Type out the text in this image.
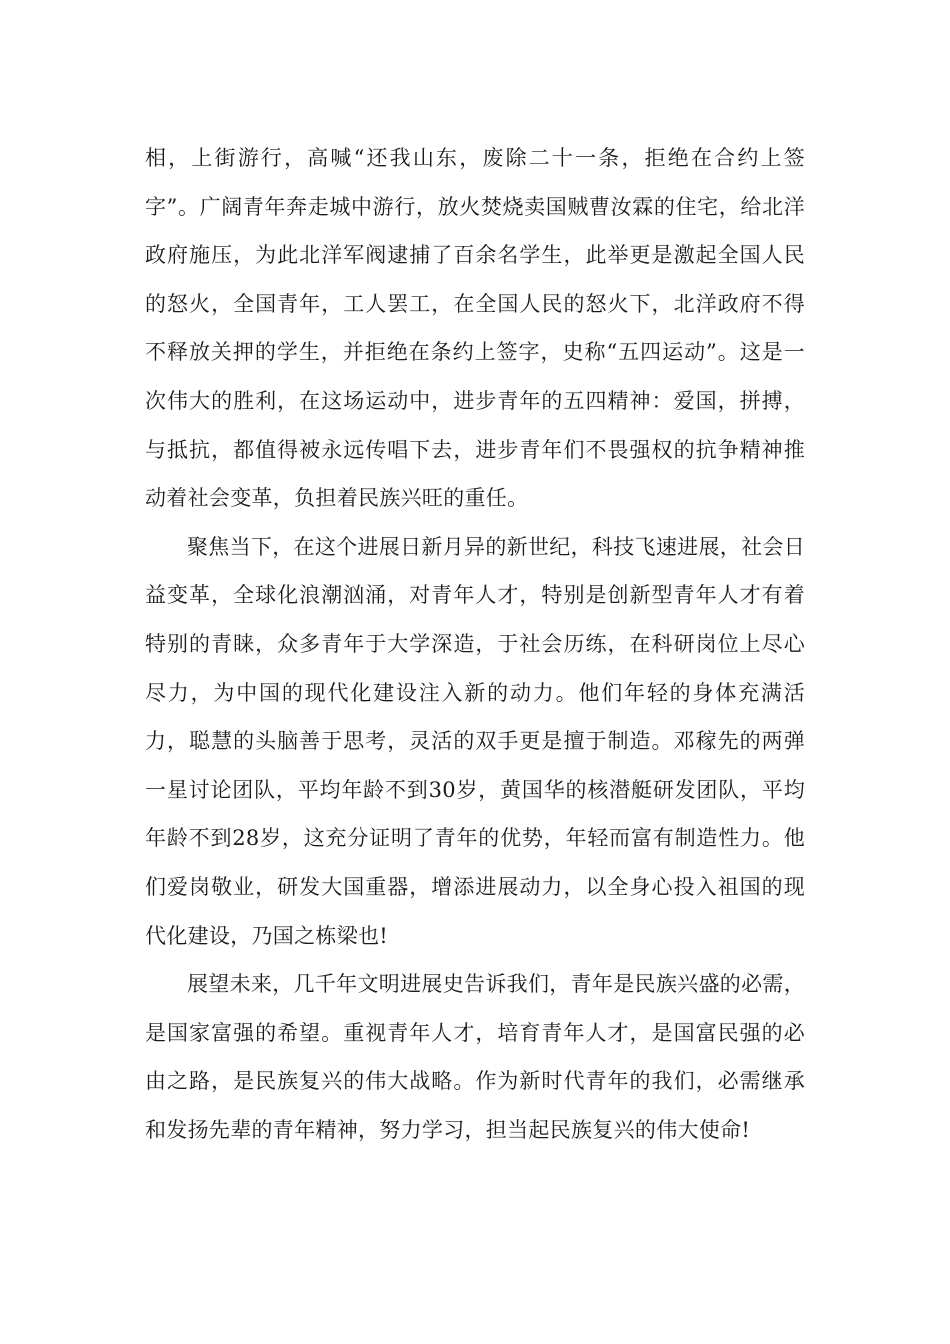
相，上街游行，高喊“还我山东，废除二十一条，拒绝在合约上签字”。广阔青年奔走城中游行，放火焚烧卖国贼曹汝霖的住宅，给北洋政府施压，为此北洋军阀逮捕了百余名学生，此举更是激起全国人民的怒火，全国青年，工人罢工，在全国人民的怒火下，北洋政府不得不释放关押的学生，并拒绝在条约上签字，史称“五四运动”。这是一次伟大的胜利，在这场运动中，进步青年的五四精神：爱国，拼搏，与抵抗，都值得被永远传唱下去，进步青年们不畏强权的抗争精神推动着社会变革，负担着民族兴旺的重任。

聚焦当下，在这个进展日新月异的新世纪，科技飞速进展，社会日益变革，全球化浪潮汹涌，对青年人才，特别是创新型青年人才有着特别的青睐，众多青年于大学深造，于社会历练，在科研岗位上尽心尽力，为中国的现代化建设注入新的动力。他们年轻的身体充满活力，聪慧的头脑善于思考，灵活的双手更是擅于制造。邓稼先的两弹一星讨论团队，平均年龄不到30岁，黄国华的核潜艇研发团队，平均年龄不到28岁，这充分证明了青年的优势，年轻而富有制造性力。他们爱岗敬业，研发大国重器，增添进展动力，以全身心投入祖国的现代化建设，乃国之栋梁也!

展望未来，几千年文明进展史告诉我们，青年是民族兴盛的必需，是国家富强的希望。重视青年人才，培育青年人才，是国富民强的必由之路，是民族复兴的伟大战略。作为新时代青年的我们，必需继承和发扬先辈的青年精神，努力学习，担当起民族复兴的伟大使命!
